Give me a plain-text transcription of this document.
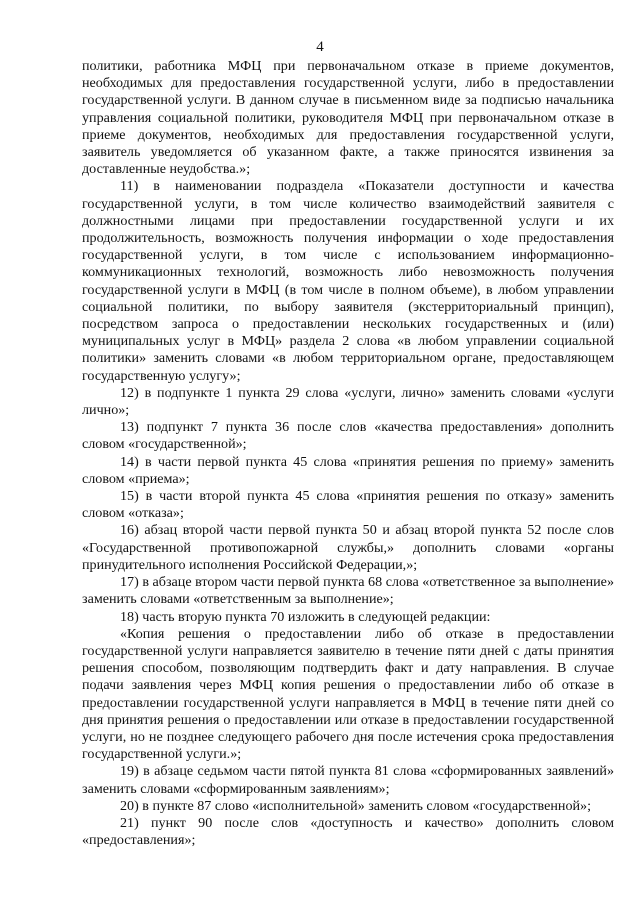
4

политики, работника МФЦ при первоначальном отказе в приеме документов, необходимых для предоставления государственной услуги, либо в предоставлении государственной услуги. В данном случае в письменном виде за подписью начальника управления социальной политики, руководителя МФЦ при первоначальном отказе в приеме документов, необходимых для предоставления государственной услуги, заявитель уведомляется об указанном факте, а также приносятся извинения за доставленные неудобства.»;

11) в наименовании подраздела «Показатели доступности и качества государственной услуги, в том числе количество взаимодействий заявителя с должностными лицами при предоставлении государственной услуги и их продолжительность, возможность получения информации о ходе предоставления государственной услуги, в том числе с использованием информационно-коммуникационных технологий, возможность либо невозможность получения государственной услуги в МФЦ (в том числе в полном объеме), в любом управлении социальной политики, по выбору заявителя (экстерриториальный принцип), посредством запроса о предоставлении нескольких государственных и (или) муниципальных услуг в МФЦ» раздела 2 слова «в любом управлении социальной политики» заменить словами «в любом территориальном органе, предоставляющем государственную услугу»;

12) в подпункте 1 пункта 29 слова «услуги, лично» заменить словами «услуги лично»;

13) подпункт 7 пункта 36 после слов «качества предоставления» дополнить словом «государственной»;

14) в части первой пункта 45 слова «принятия решения по приему» заменить словом «приема»;

15) в части второй пункта 45 слова «принятия решения по отказу» заменить словом «отказа»;

16) абзац второй части первой пункта 50 и абзац второй пункта 52 после слов «Государственной противопожарной службы,» дополнить словами «органы принудительного исполнения Российской Федерации,»;

17) в абзаце втором части первой пункта 68 слова «ответственное за выполнение» заменить словами «ответственным за выполнение»;

18) часть вторую пункта 70 изложить в следующей редакции:

«Копия решения о предоставлении либо об отказе в предоставлении государственной услуги направляется заявителю в течение пяти дней с даты принятия решения способом, позволяющим подтвердить факт и дату направления. В случае подачи заявления через МФЦ копия решения о предоставлении либо об отказе в предоставлении государственной услуги направляется в МФЦ в течение пяти дней со дня принятия решения о предоставлении или отказе в предоставлении государственной услуги, но не позднее следующего рабочего дня после истечения срока предоставления государственной услуги.»;

19) в абзаце седьмом части пятой пункта 81 слова «сформированных заявлений» заменить словами «сформированным заявлениям»;

20) в пункте 87 слово «исполнительной» заменить словом «государственной»;

21) пункт 90 после слов «доступность и качество» дополнить словом «предоставления»;
